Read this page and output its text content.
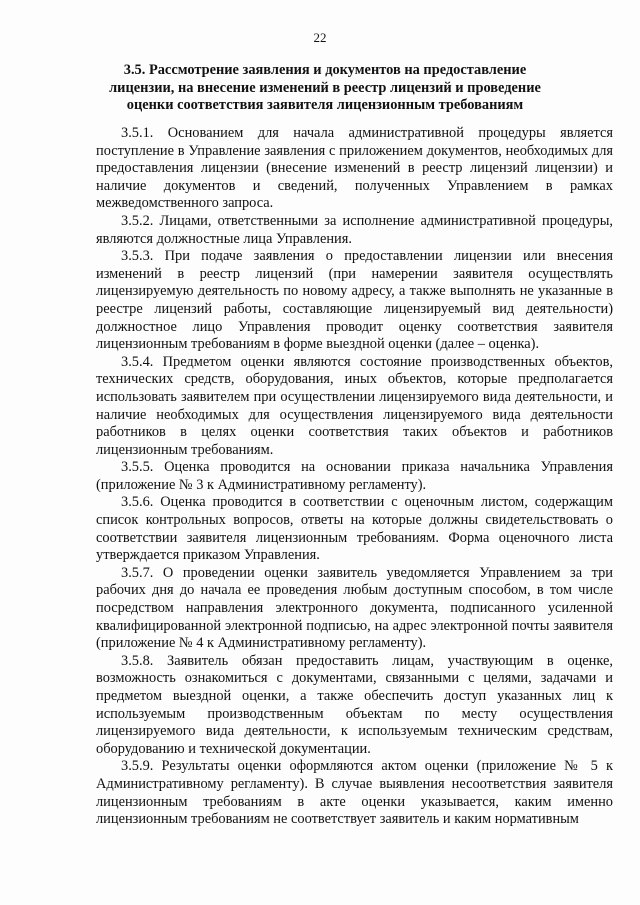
22
3.5. Рассмотрение заявления и документов на предоставление лицензии, на внесение изменений в реестр лицензий и проведение оценки соответствия заявителя лицензионным требованиям

3.5.1. Основанием для начала административной процедуры является поступление в Управление заявления с приложением документов, необходимых для предоставления лицензии (внесение изменений в реестр лицензий лицензии) и наличие документов и сведений, полученных Управлением в рамках межведомственного запроса.

3.5.2. Лицами, ответственными за исполнение административной процедуры, являются должностные лица Управления.

3.5.3. При подаче заявления о предоставлении лицензии или внесения изменений в реестр лицензий (при намерении заявителя осуществлять лицензируемую деятельность по новому адресу, а также выполнять не указанные в реестре лицензий работы, составляющие лицензируемый вид деятельности) должностное лицо Управления проводит оценку соответствия заявителя лицензионным требованиям в форме выездной оценки (далее – оценка).

3.5.4. Предметом оценки являются состояние производственных объектов, технических средств, оборудования, иных объектов, которые предполагается использовать заявителем при осуществлении лицензируемого вида деятельности, и наличие необходимых для осуществления лицензируемого вида деятельности работников в целях оценки соответствия таких объектов и работников лицензионным требованиям.

3.5.5. Оценка проводится на основании приказа начальника Управления (приложение № 3 к Административному регламенту).

3.5.6. Оценка проводится в соответствии с оценочным листом, содержащим список контрольных вопросов, ответы на которые должны свидетельствовать о соответствии заявителя лицензионным требованиям. Форма оценочного листа утверждается приказом Управления.

3.5.7. О проведении оценки заявитель уведомляется Управлением за три рабочих дня до начала ее проведения любым доступным способом, в том числе посредством направления электронного документа, подписанного усиленной квалифицированной электронной подписью, на адрес электронной почты заявителя (приложение № 4 к Административному регламенту).

3.5.8. Заявитель обязан предоставить лицам, участвующим в оценке, возможность ознакомиться с документами, связанными с целями, задачами и предметом выездной оценки, а также обеспечить доступ указанных лиц к используемым производственным объектам по месту осуществления лицензируемого вида деятельности, к используемым техническим средствам, оборудованию и технической документации.

3.5.9. Результаты оценки оформляются актом оценки (приложение № 5 к Административному регламенту). В случае выявления несоответствия заявителя лицензионным требованиям в акте оценки указывается, каким именно лицензионным требованиям не соответствует заявитель и каким нормативным
